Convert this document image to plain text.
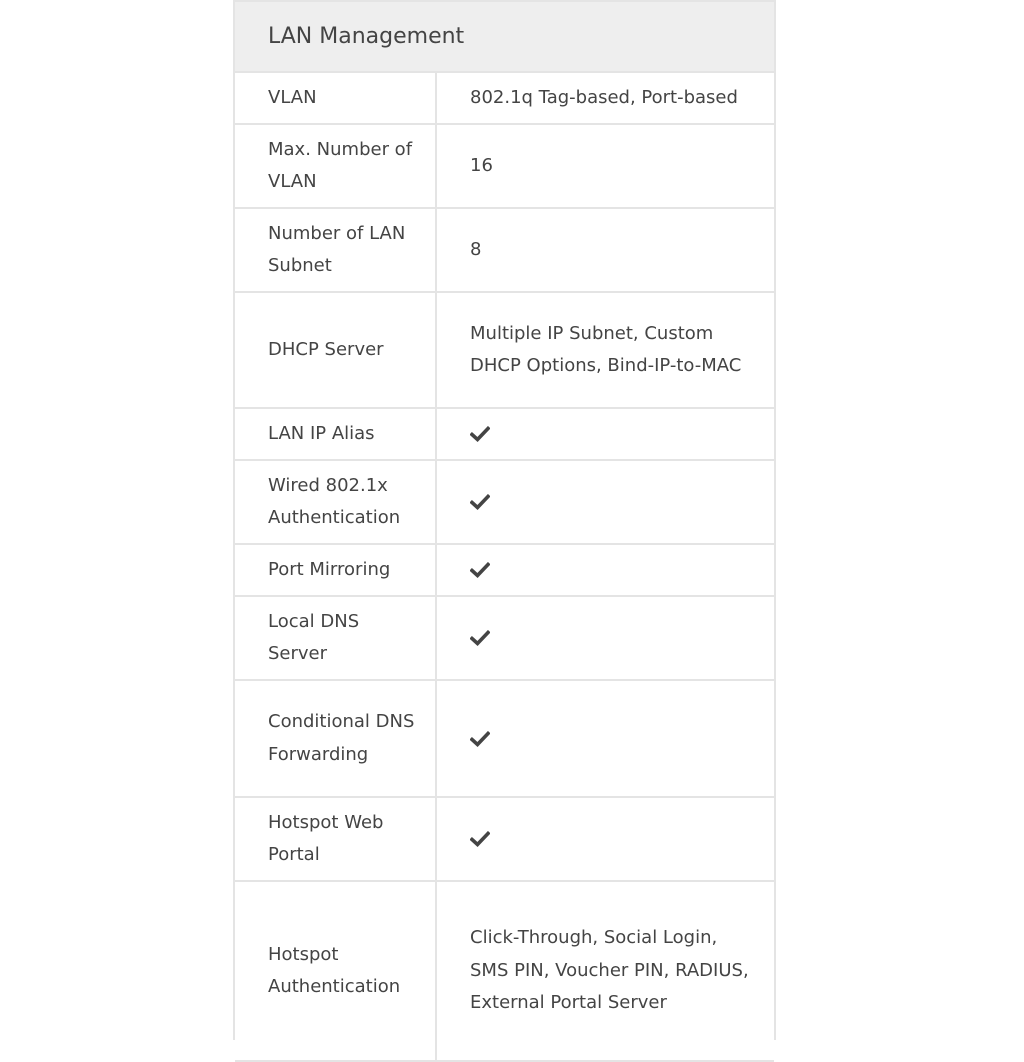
LAN Management
VLAN	802.1q Tag-based, Port-based
Max. Number of VLAN
16
Number of LAN Subnet
8
DHCP Server
Multiple IP Subnet, Custom DHCP Options, Bind-IP-to-MAC
LAN IP Alias
Wired 802.1x Authentication
Port Mirroring
Local DNS Server
Conditional DNS Forwarding
Hotspot Web Portal
Hotspot Authentication
Click-Through, Social Login, SMS PIN, Voucher PIN, RADIUS, External Portal Server
